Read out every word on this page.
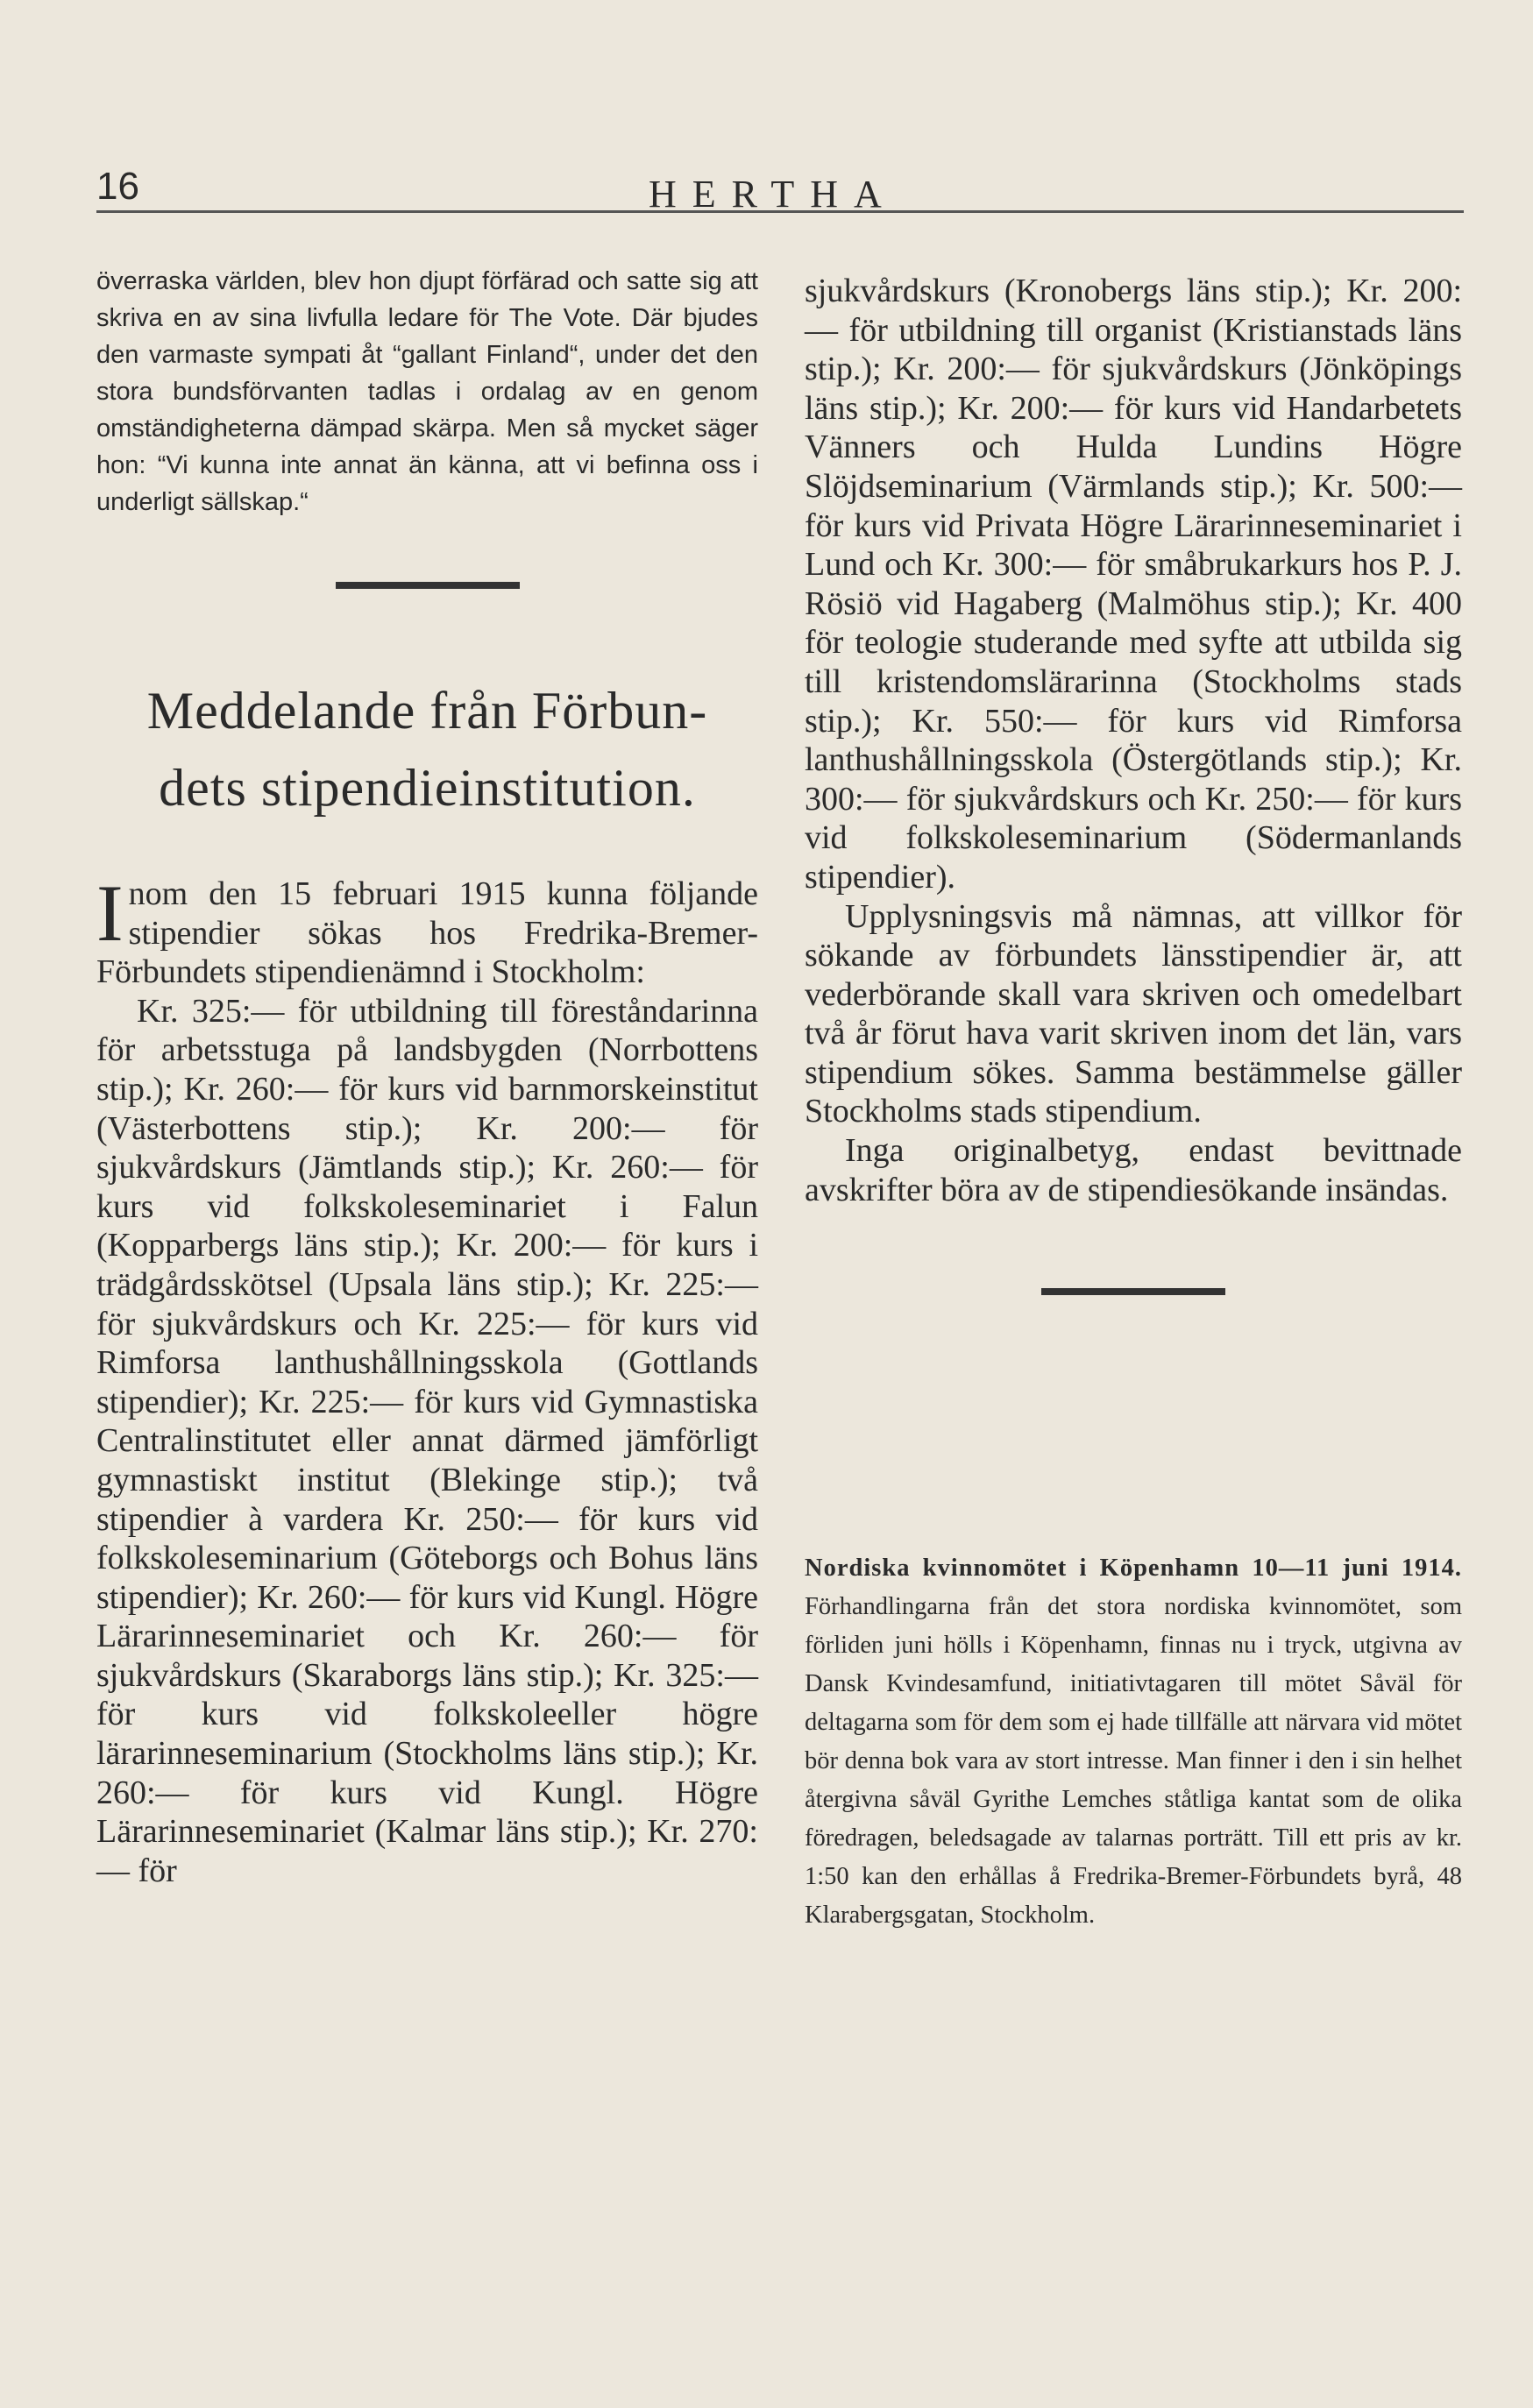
16	HERTHA

överraska världen, blev hon djupt förfärad och satte sig att skriva en av sina livfulla ledare för The Vote. Där bjudes den varmaste sympati åt “gallant Finland“, under det den stora bundsförvanten tadlas i ordalag av en genom omständigheterna dämpad skärpa. Men så mycket säger hon: “Vi kunna inte annat än känna, att vi befinna oss i underligt sällskap.“

Meddelande från Förbun-
dets stipendieinstitution.

Inom den 15 februari 1915 kunna följande stipendier sökas hos Fredrika-Bremer-Förbundets stipendienämnd i Stockholm:

Kr. 325:— för utbildning till föreståndarinna för arbetsstuga på landsbygden (Norrbottens stip.); Kr. 260:— för kurs vid barnmorskeinstitut (Västerbottens stip.); Kr. 200:— för sjukvårdskurs (Jämtlands stip.); Kr. 260:— för kurs vid folkskoleseminariet i Falun (Kopparbergs läns stip.); Kr. 200:— för kurs i trädgårdsskötsel (Upsala läns stip.); Kr. 225:— för sjukvårdskurs och Kr. 225:— för kurs vid Rimforsa lanthushållningsskola (Gottlands stipendier); Kr. 225:— för kurs vid Gymnastiska Centralinstitutet eller annat därmed jämförligt gymnastiskt institut (Blekinge stip.); två stipendier à vardera Kr. 250:— för kurs vid folkskoleseminarium (Göteborgs och Bohus läns stipendier); Kr. 260:— för kurs vid Kungl. Högre Lärarinneseminariet och Kr. 260:— för sjukvårdskurs (Skaraborgs läns stip.); Kr. 325:— för kurs vid folkskoleeller högre lärarinneseminarium (Stockholms läns stip.); Kr. 260:— för kurs vid Kungl. Högre Lärarinneseminariet (Kalmar läns stip.); Kr. 270:— för

sjukvårdskurs (Kronobergs läns stip.); Kr. 200:— för utbildning till organist (Kristianstads läns stip.); Kr. 200:— för sjukvårdskurs (Jönköpings läns stip.); Kr. 200:— för kurs vid Handarbetets Vänners och Hulda Lundins Högre Slöjdseminarium (Värmlands stip.); Kr. 500:— för kurs vid Privata Högre Lärarinneseminariet i Lund och Kr. 300:— för småbrukarkurs hos P. J. Rösiö vid Hagaberg (Malmöhus stip.); Kr. 400 för teologie studerande med syfte att utbilda sig till kristendomslärarinna (Stockholms stads stip.); Kr. 550:— för kurs vid Rimforsa lanthushållningsskola (Östergötlands stip.); Kr. 300:— för sjukvårdskurs och Kr. 250:— för kurs vid folkskoleseminarium (Södermanlands stipendier).

Upplysningsvis må nämnas, att villkor för sökande av förbundets länsstipendier är, att vederbörande skall vara skriven och omedelbart två år förut hava varit skriven inom det län, vars stipendium sökes. Samma bestämmelse gäller Stockholms stads stipendium.

Inga originalbetyg, endast bevittnade avskrifter böra av de stipendiesökande insändas.

Nordiska kvinnomötet i Köpenhamn 10—11 juni 1914. Förhandlingarna från det stora nordiska kvinnomötet, som förliden juni hölls i Köpenhamn, finnas nu i tryck, utgivna av Dansk Kvindesamfund, initiativtagaren till mötet Såväl för deltagarna som för dem som ej hade tillfälle att närvara vid mötet bör denna bok vara av stort intresse. Man finner i den i sin helhet återgivna såväl Gyrithe Lemches ståtliga kantat som de olika föredragen, beledsagade av talarnas porträtt. Till ett pris av kr. 1:50 kan den erhållas å Fredrika-Bremer-Förbundets byrå, 48 Klarabergsgatan, Stockholm.
